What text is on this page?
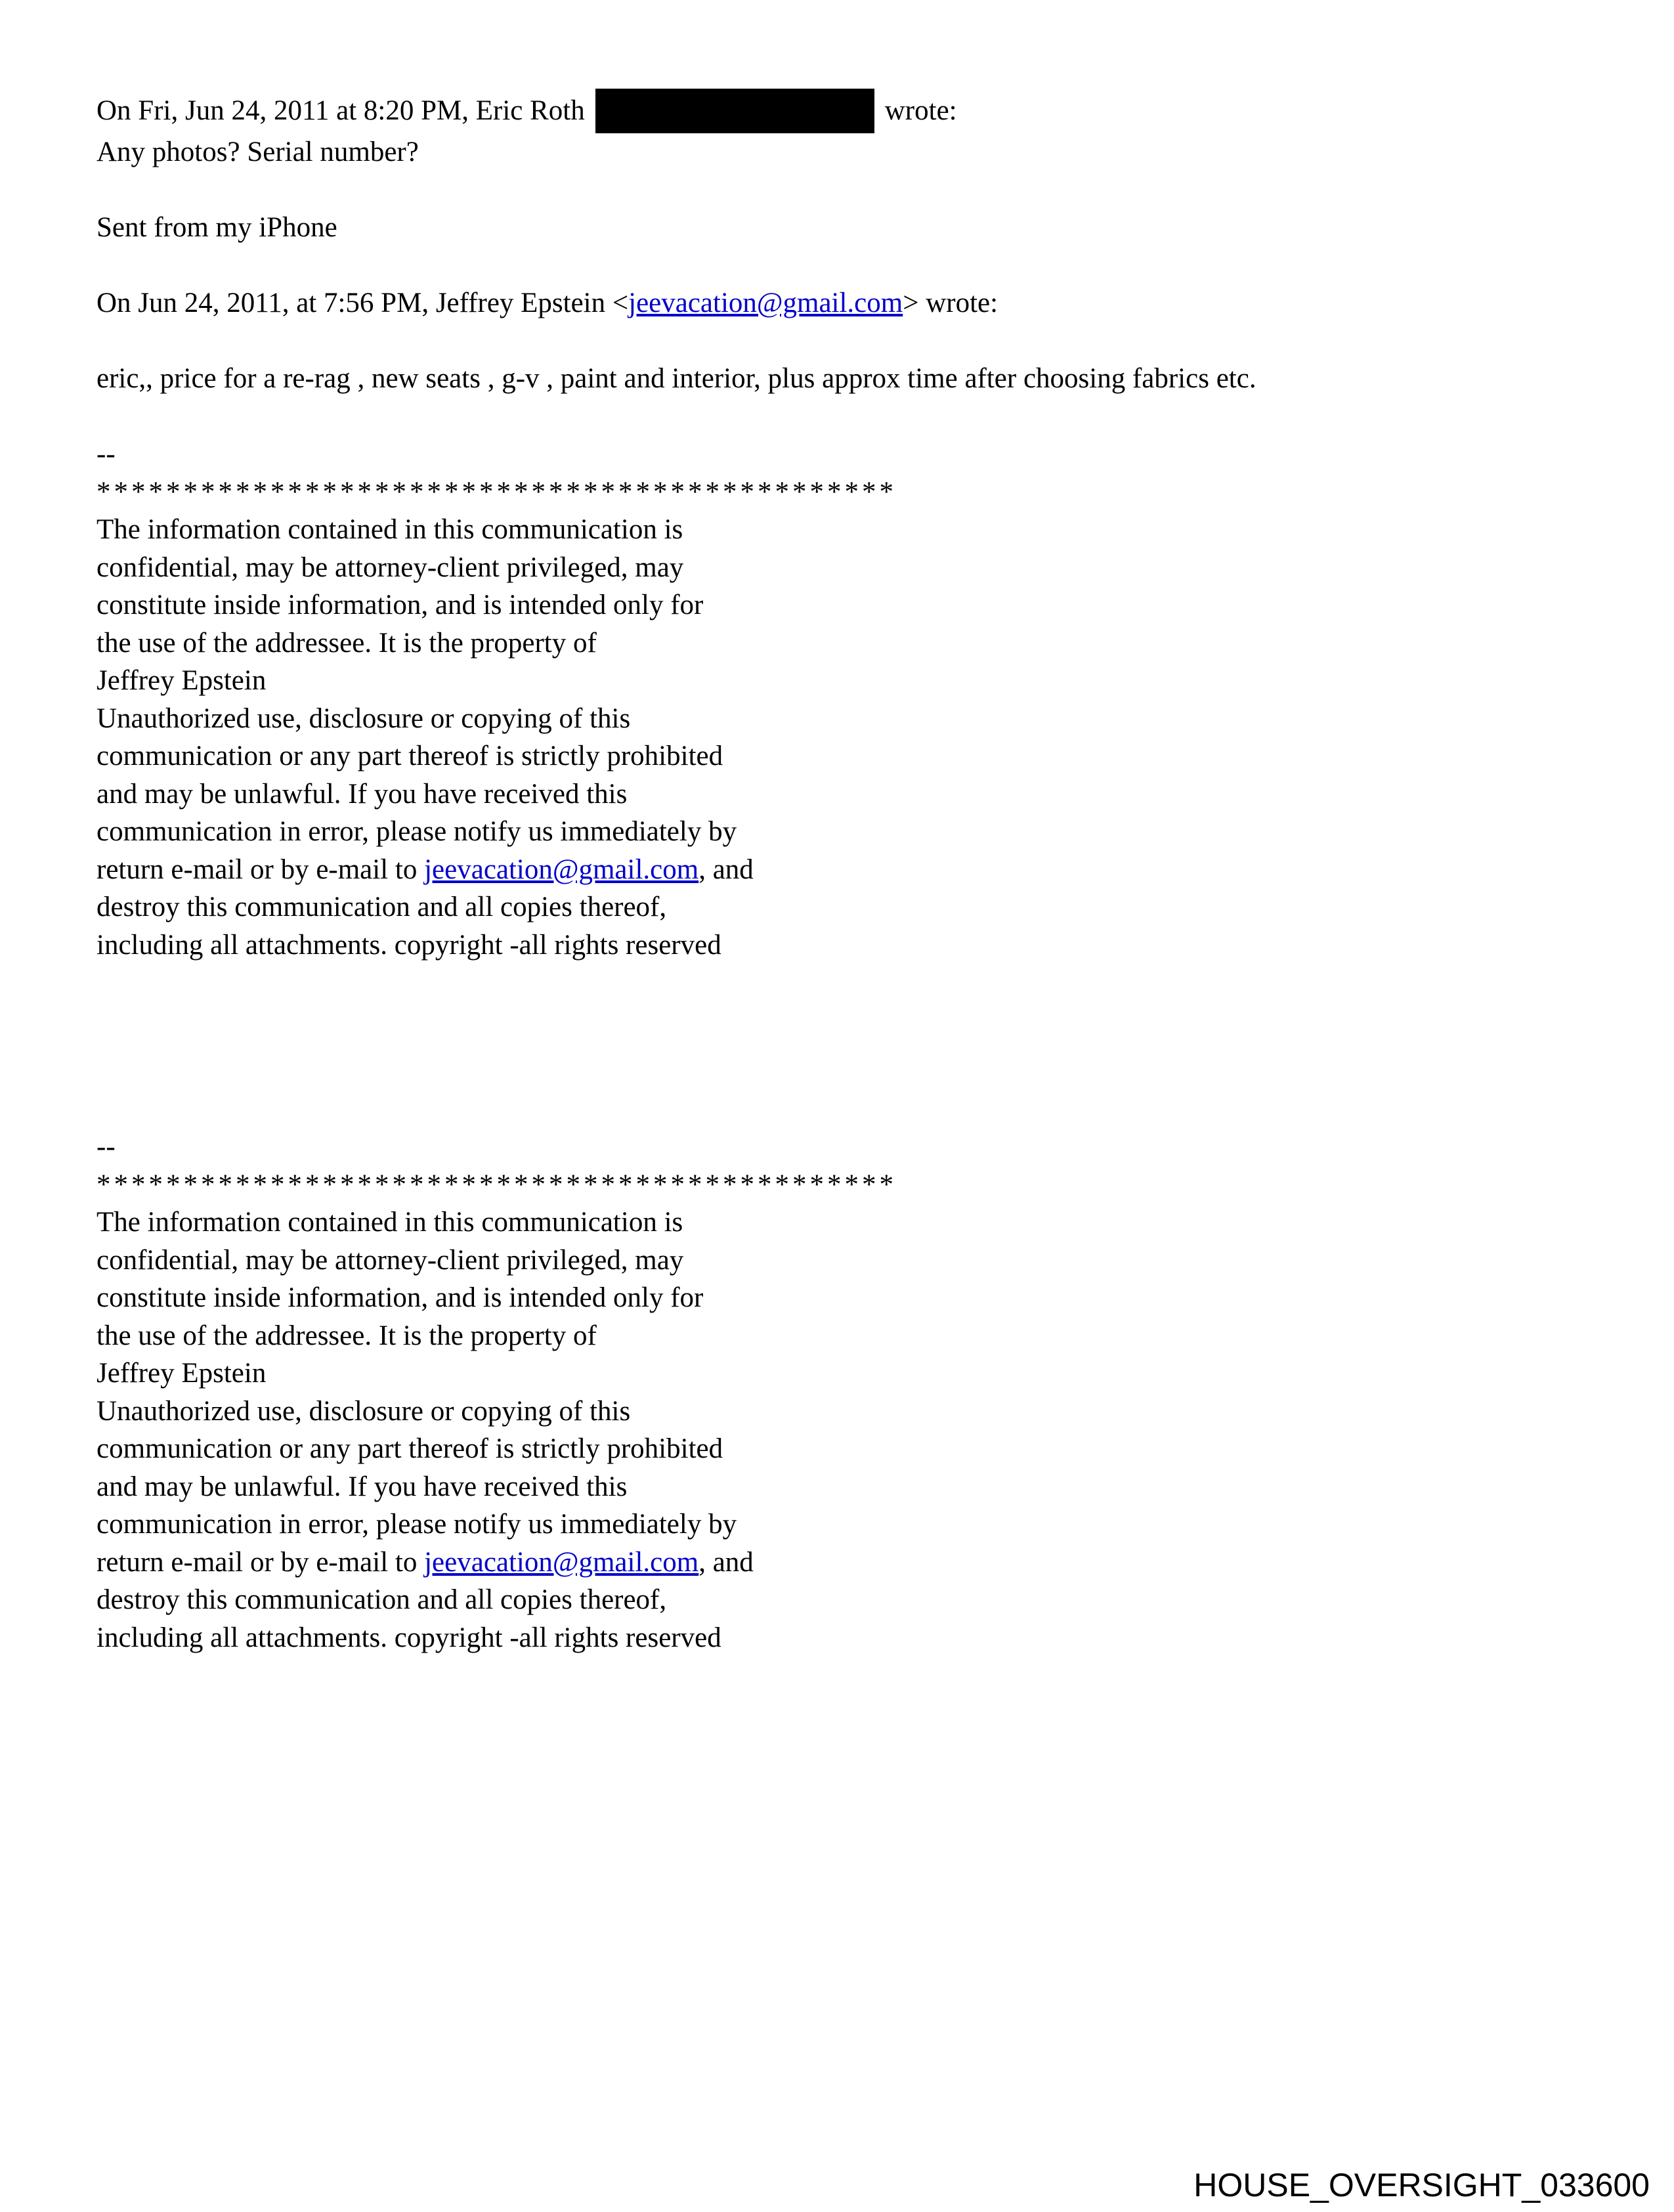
On Fri, Jun 24, 2011 at 8:20 PM, Eric Roth	wrote:
Any photos? Serial number?
Sent from my iPhone
On Jun 24, 2011, at 7:56 PM, Jeffrey Epstein <jeevacation@gmail.com> wrote:
eric,, price for a re-rag , new seats , g-v , paint and interior, plus approx time after choosing fabrics etc.
--
**********************************************
The information contained in this communication is
confidential, may be attorney-client privileged, may
constitute inside information, and is intended only for
the use of the addressee. It is the property of
Jeffrey Epstein
Unauthorized use, disclosure or copying of this
communication or any part thereof is strictly prohibited
and may be unlawful. If you have received this
communication in error, please notify us immediately by
return e-mail or by e-mail to jeevacation@gmail.com, and
destroy this communication and all copies thereof,
including all attachments. copyright -all rights reserved
--
**********************************************
The information contained in this communication is
confidential, may be attorney-client privileged, may
constitute inside information, and is intended only for
the use of the addressee. It is the property of
Jeffrey Epstein
Unauthorized use, disclosure or copying of this
communication or any part thereof is strictly prohibited
and may be unlawful. If you have received this
communication in error, please notify us immediately by
return e-mail or by e-mail to jeevacation@gmail.com, and
destroy this communication and all copies thereof,
including all attachments. copyright -all rights reserved
HOUSE_OVERSIGHT_033600
